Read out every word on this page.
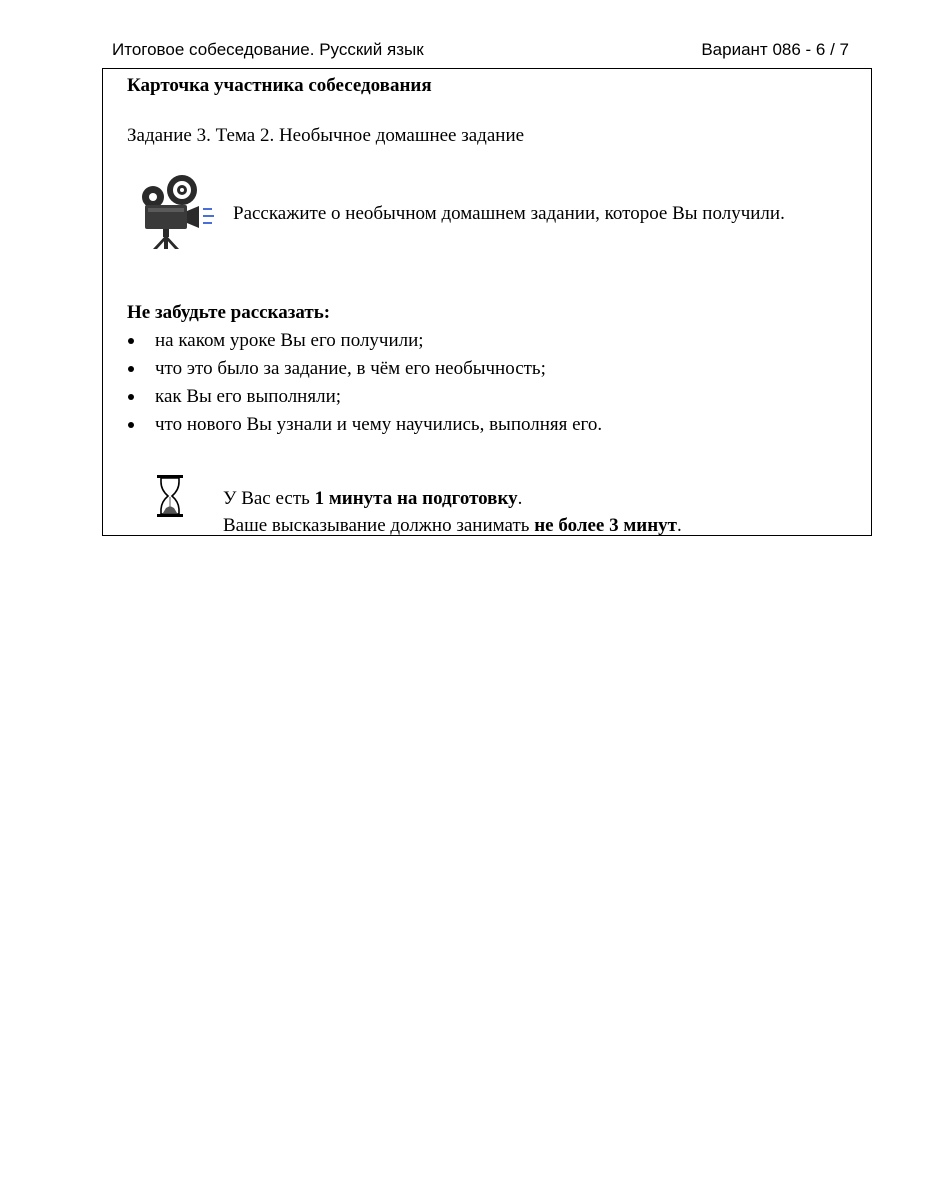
Итоговое собеседование. Русский язык	Вариант 086 - 6 / 7
Карточка участника собеседования
Задание 3. Тема 2. Необычное домашнее задание
Расскажите о необычном домашнем задании, которое Вы получили.
Не забудьте рассказать:
на каком уроке Вы его получили;
что это было за задание, в чём его необычность;
как Вы его выполняли;
что нового Вы узнали и чему научились, выполняя его.
У Вас есть 1 минута на подготовку.
Ваше высказывание должно занимать не более 3 минут.
